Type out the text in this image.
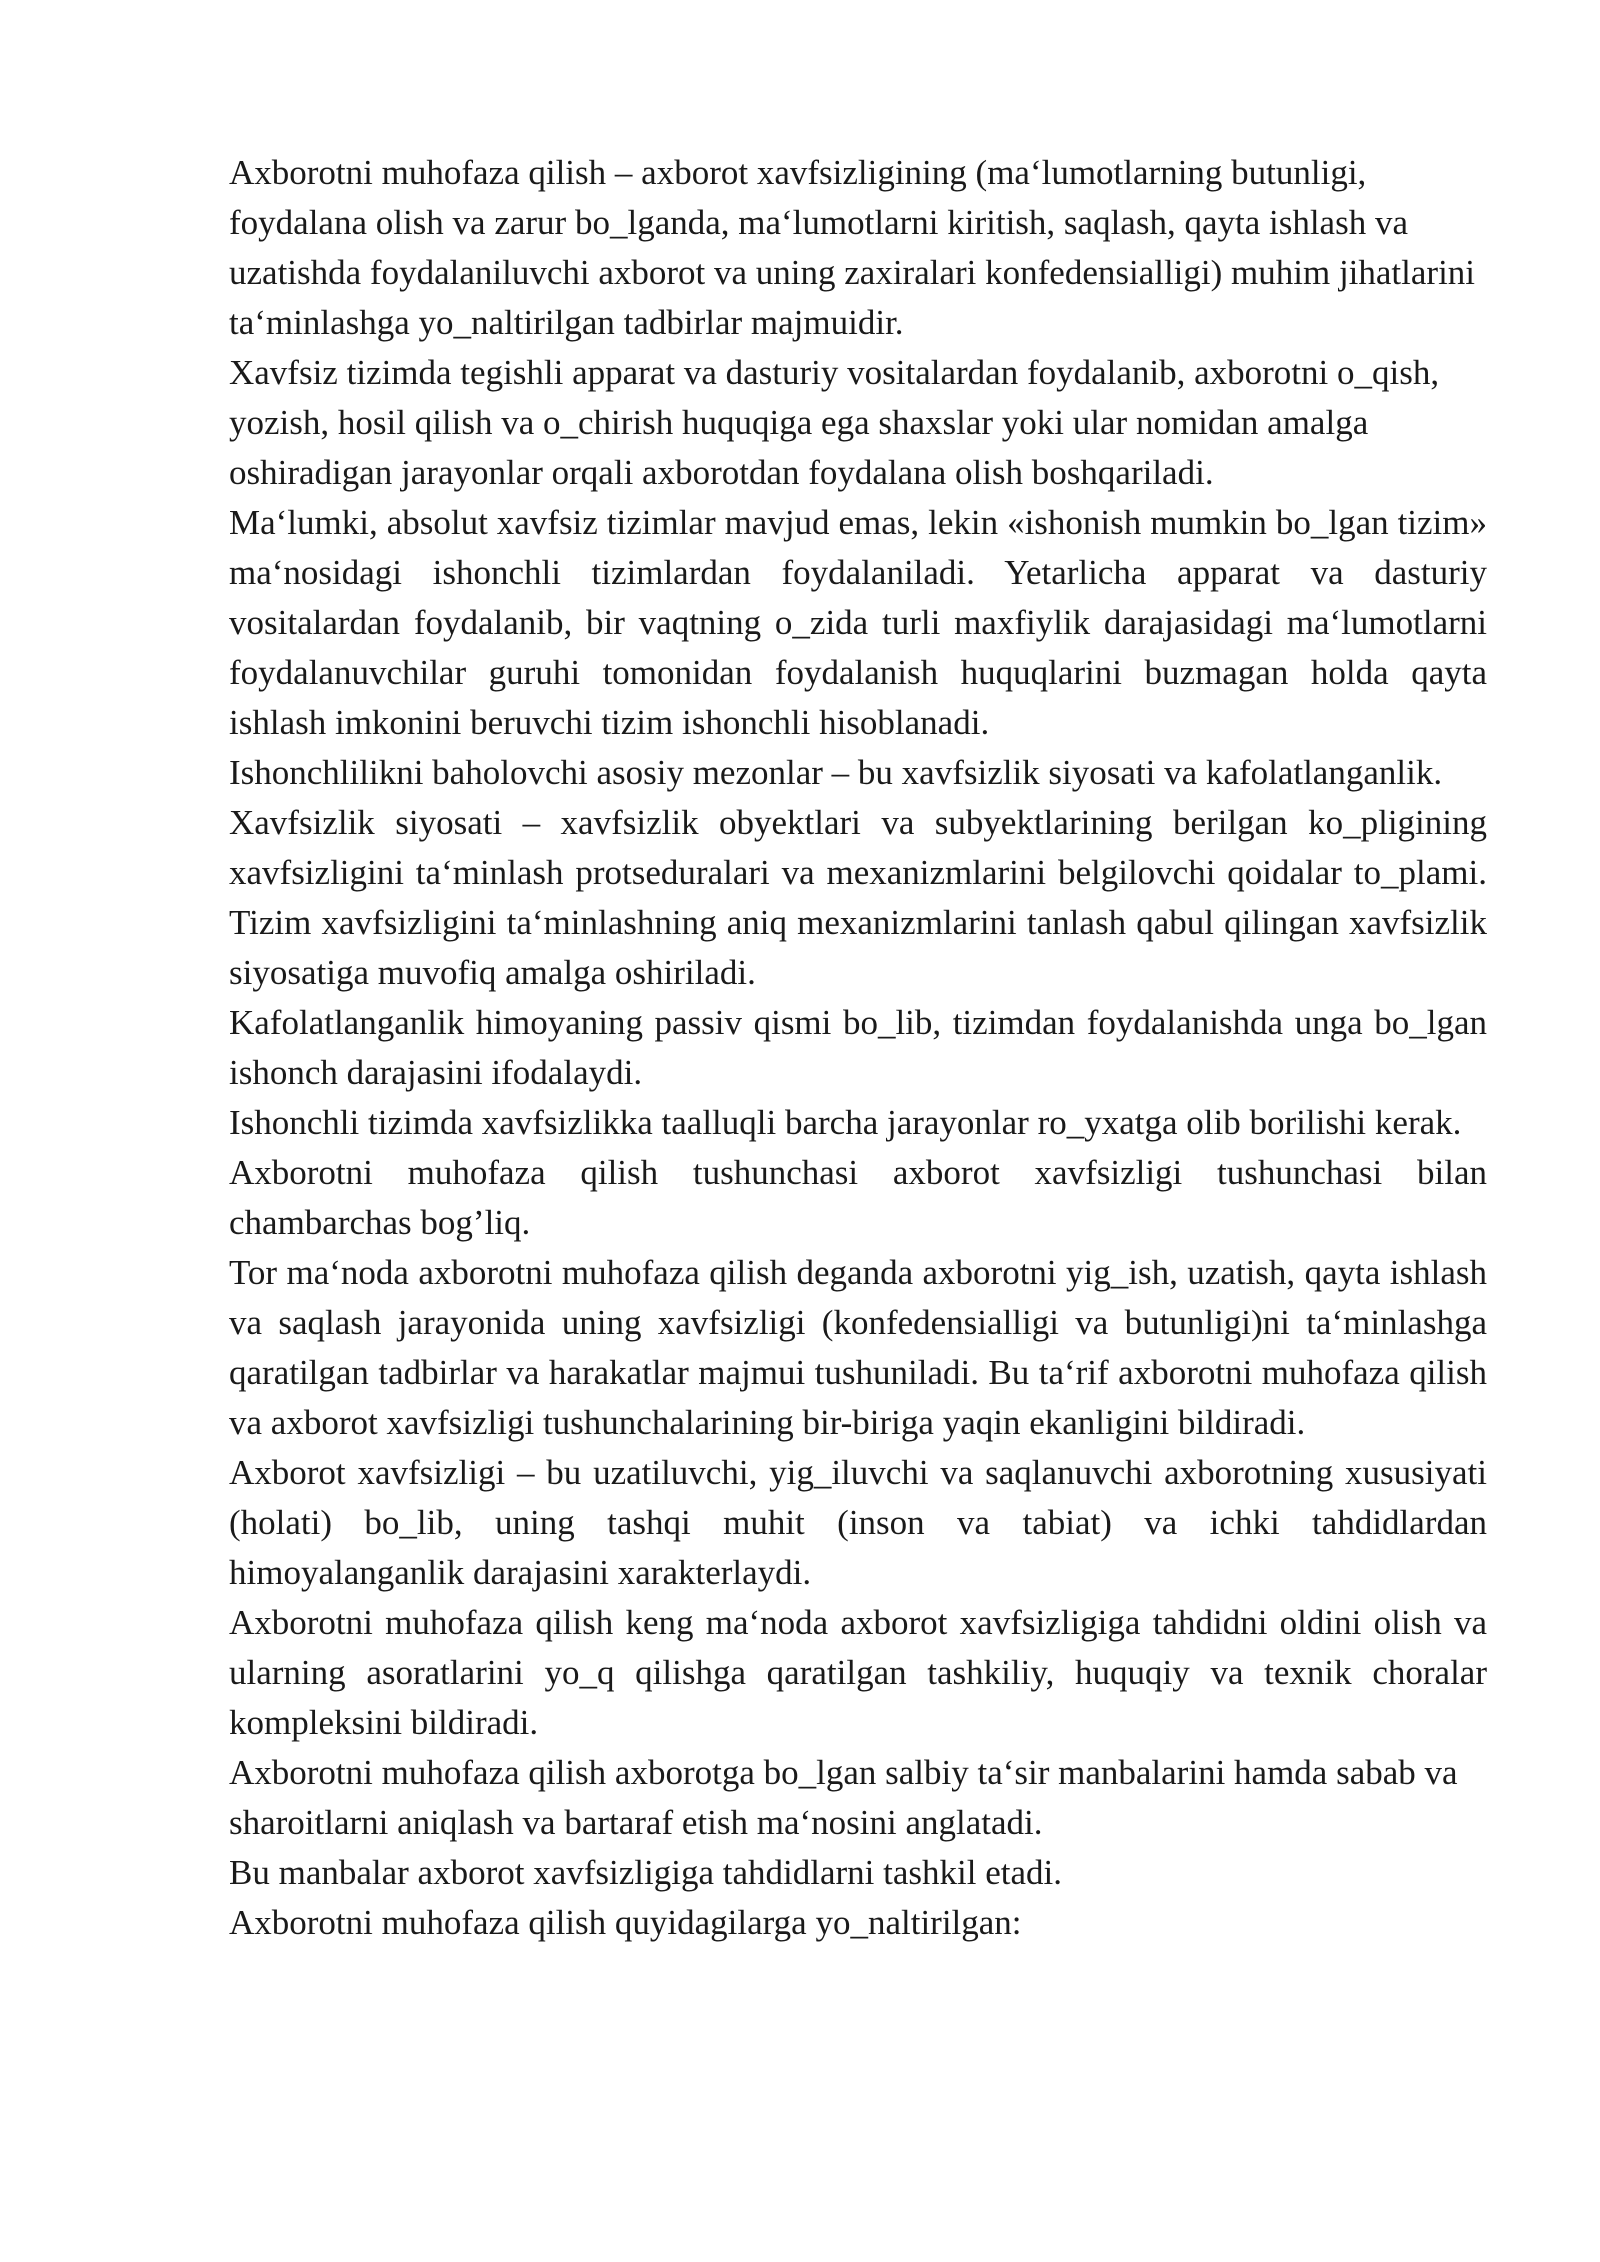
Axborotni muhofaza qilish – axborot xavfsizligining (ma‘lumotlarning butunligi, foydalana olish va zarur bo_lganda, ma‘lumotlarni kiritish, saqlash, qayta ishlash va uzatishda foydalaniluvchi axborot va uning zaxiralari konfedensialligi) muhim jihatlarini ta‘minlashga yo_naltirilgan tadbirlar majmuidir.

Xavfsiz tizimda tegishli apparat va dasturiy vositalardan foydalanib, axborotni o_qish, yozish, hosil qilish va o_chirish huquqiga ega shaxslar yoki ular nomidan amalga oshiradigan jarayonlar orqali axborotdan foydalana olish boshqariladi.

Ma‘lumki, absolut xavfsiz tizimlar mavjud emas, lekin «ishonish mumkin bo_lgan tizim» ma‘nosidagi ishonchli tizimlardan foydalaniladi. Yetarlicha apparat va dasturiy vositalardan foydalanib, bir vaqtning o_zida turli maxfiylik darajasidagi ma‘lumotlarni foydalanuvchilar guruhi tomonidan foydalanish huquqlarini buzmagan holda qayta ishlash imkonini beruvchi tizim ishonchli hisoblanadi.

Ishonchlilikni baholovchi asosiy mezonlar – bu xavfsizlik siyosati va kafolatlanganlik.

Xavfsizlik siyosati – xavfsizlik obyektlari va subyektlarining berilgan ko_pligining xavfsizligini ta‘minlash protseduralari va mexanizmlarini belgilovchi qoidalar to_plami. Tizim xavfsizligini ta‘minlashning aniq mexanizmlarini tanlash qabul qilingan xavfsizlik siyosatiga muvofiq amalga oshiriladi.

Kafolatlanganlik himoyaning passiv qismi bo_lib, tizimdan foydalanishda unga bo_lgan ishonch darajasini ifodalaydi.

Ishonchli tizimda xavfsizlikka taalluqli barcha jarayonlar ro_yxatga olib borilishi kerak.

Axborotni muhofaza qilish tushunchasi axborot xavfsizligi tushunchasi bilan chambarchas bog’liq.

Tor ma‘noda axborotni muhofaza qilish deganda axborotni yig_ish, uzatish, qayta ishlash va saqlash jarayonida uning xavfsizligi (konfedensialligi va butunligi)ni ta‘minlashga qaratilgan tadbirlar va harakatlar majmui tushuniladi. Bu ta‘rif axborotni muhofaza qilish va axborot xavfsizligi tushunchalarining bir-biriga yaqin ekanligini bildiradi.

Axborot xavfsizligi – bu uzatiluvchi, yig_iluvchi va saqlanuvchi axborotning xususiyati (holati) bo_lib, uning tashqi muhit (inson va tabiat) va ichki tahdidlardan himoyalanganlik darajasini xarakterlaydi.

Axborotni muhofaza qilish keng ma‘noda axborot xavfsizligiga tahdidni oldini olish va ularning asoratlarini yo_q qilishga qaratilgan tashkiliy, huquqiy va texnik choralar kompleksini bildiradi.

Axborotni muhofaza qilish axborotga bo_lgan salbiy ta‘sir manbalarini hamda sabab va sharoitlarni aniqlash va bartaraf etish ma‘nosini anglatadi.

Bu manbalar axborot xavfsizligiga tahdidlarni tashkil etadi.

Axborotni muhofaza qilish quyidagilarga yo_naltirilgan:
